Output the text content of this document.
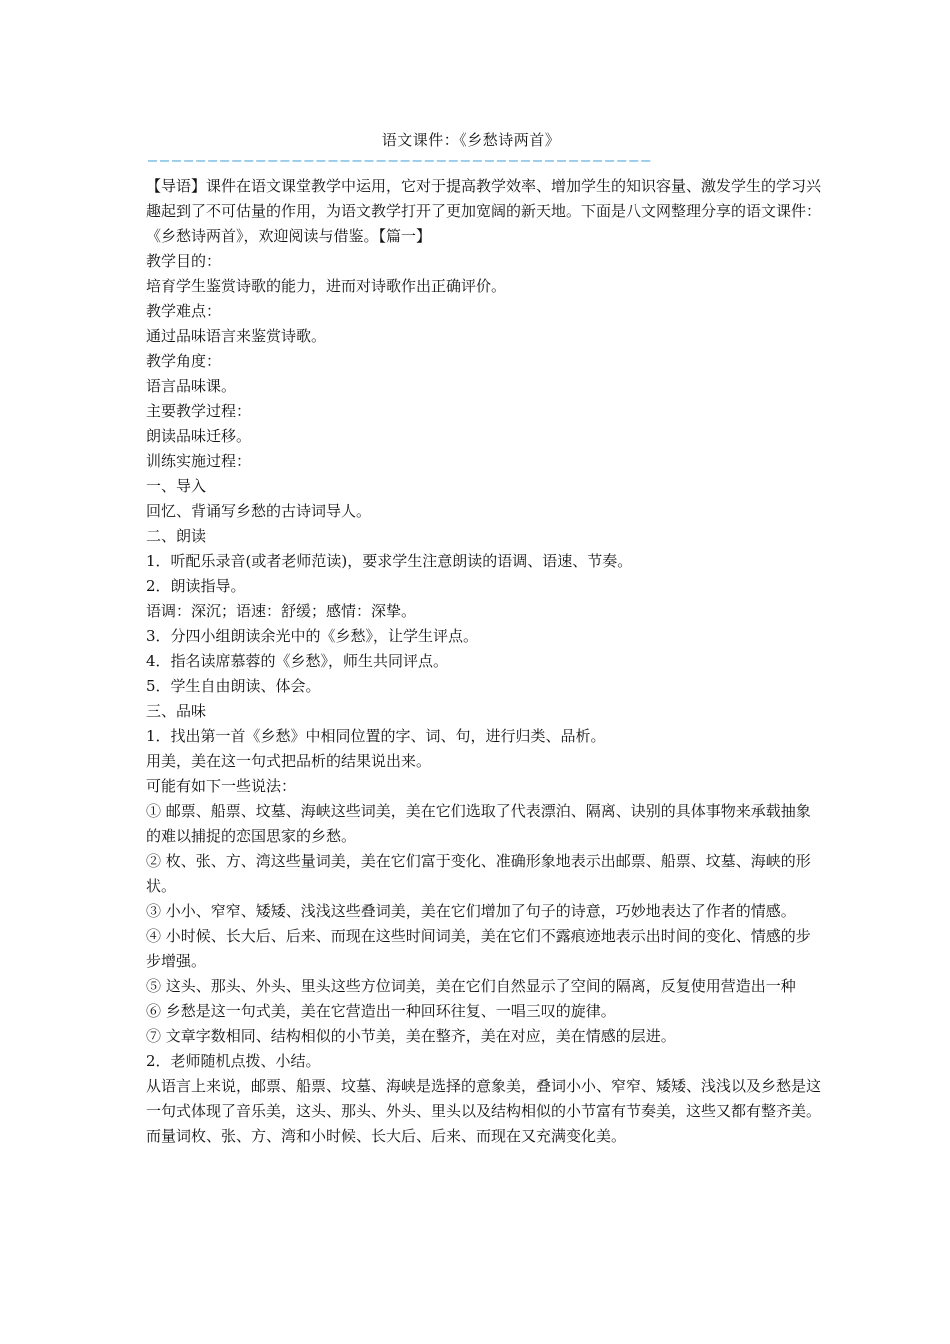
语文课件：《乡愁诗两首》
——————————————————————————————————————————

【导语】课件在语文课堂教学中运用，它对于提高教学效率、增加学生的知识容量、激发学生的学习兴趣起到了不可估量的作用，为语文教学打开了更加宽阔的新天地。下面是八文网整理分享的语文课件：《乡愁诗两首》，欢迎阅读与借鉴。【篇一】

教学目的：

培育学生鉴赏诗歌的能力，进而对诗歌作出正确评价。

教学难点：

通过品味语言来鉴赏诗歌。

教学角度：

语言品味课。

主要教学过程：

朗读品味迁移。

训练实施过程：

一、导入

回忆、背诵写乡愁的古诗词导人。

二、朗读

1．听配乐录音(或者老师范读)，要求学生注意朗读的语调、语速、节奏。

2．朗读指导。

语调：深沉；语速：舒缓；感情：深挚。

3．分四小组朗读余光中的《乡愁》，让学生评点。

4．指名读席慕蓉的《乡愁》，师生共同评点。

5．学生自由朗读、体会。

三、品味

1．找出第一首《乡愁》中相同位置的字、词、句，进行归类、品析。

用美，美在这一句式把品析的结果说出来。

可能有如下一些说法：

① 邮票、船票、坟墓、海峡这些词美，美在它们选取了代表漂泊、隔离、诀别的具体事物来承载抽象的难以捕捉的恋国思家的乡愁。

② 枚、张、方、湾这些量词美，美在它们富于变化、准确形象地表示出邮票、船票、坟墓、海峡的形状。

③ 小小、窄窄、矮矮、浅浅这些叠词美，美在它们增加了句子的诗意，巧妙地表达了作者的情感。

④ 小时候、长大后、后来、而现在这些时间词美，美在它们不露痕迹地表示出时间的变化、情感的步步增强。

⑤ 这头、那头、外头、里头这些方位词美，美在它们自然显示了空间的隔离，反复使用营造出一种

⑥ 乡愁是这一句式美，美在它营造出一种回环往复、一唱三叹的旋律。

⑦ 文章字数相同、结构相似的小节美，美在整齐，美在对应，美在情感的层进。

2．老师随机点拨、小结。

从语言上来说，邮票、船票、坟墓、海峡是选择的意象美，叠词小小、窄窄、矮矮、浅浅以及乡愁是这一句式体现了音乐美，这头、那头、外头、里头以及结构相似的小节富有节奏美，这些又都有整齐美。而量词枚、张、方、湾和小时候、长大后、后来、而现在又充满变化美。
